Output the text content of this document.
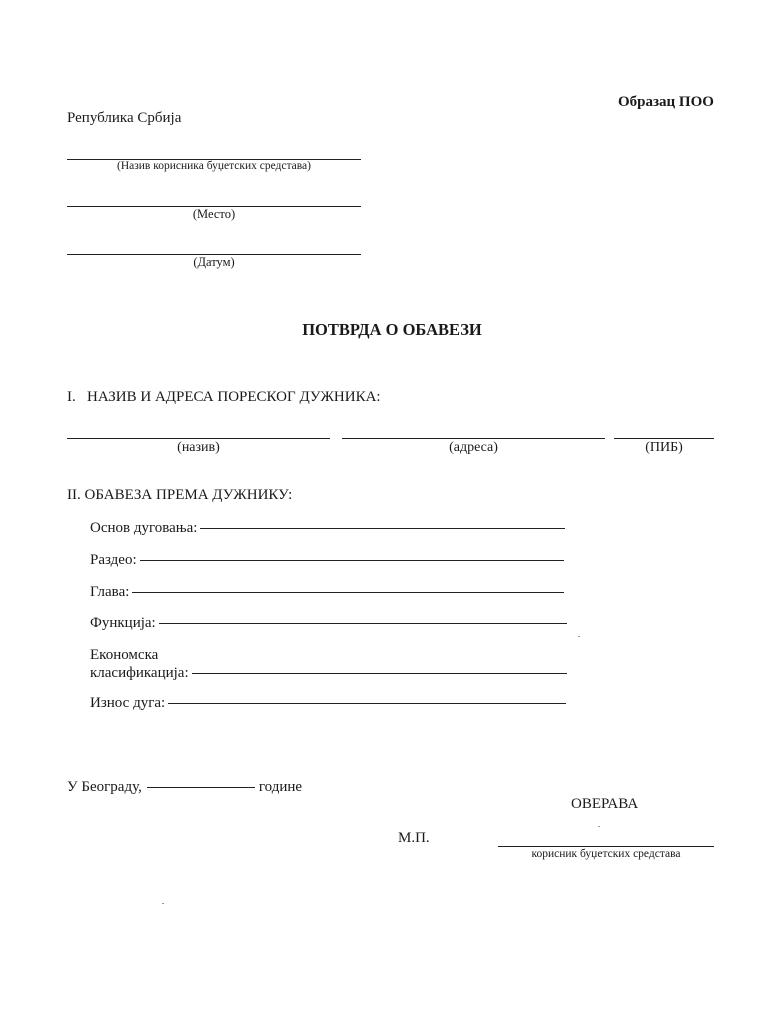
Образац ПОО
Република Србија
(Назив корисника буџетских средстава)
(Место)
(Датум)
ПОТВРДА О ОБАВЕЗИ
I.   НАЗИВ И АДРЕСА ПОРЕСКОГ ДУЖНИКА:
(назив)	(адреса)	(ПИБ)
II. ОБАВЕЗА ПРЕМА ДУЖНИКУ:
Основ дуговања:
Раздео:
Глава:
Функција:
Економска
класификација:
Износ дуга:
У Београду,	године
ОВЕРАВА
М.П.
корисник буџетских средстава
